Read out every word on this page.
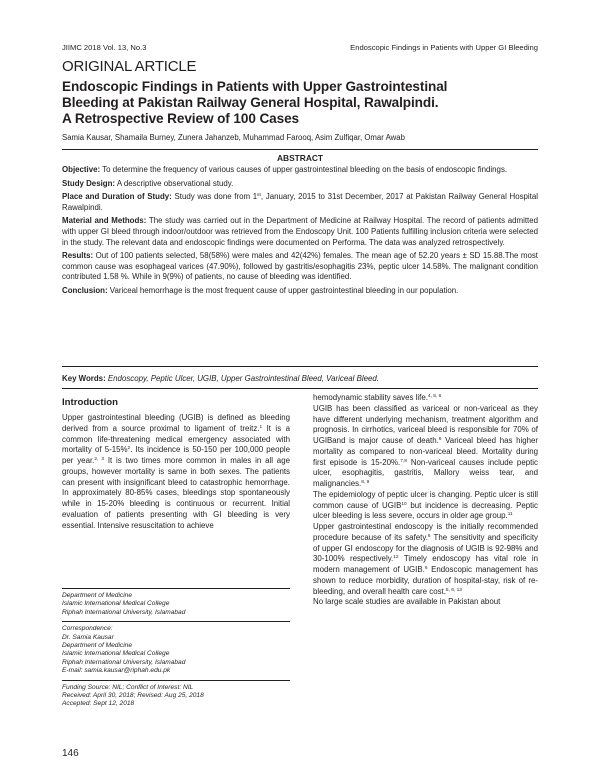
JIIMC 2018 Vol. 13, No.3	Endoscopic Findings in Patients with Upper GI Bleeding
ORIGINAL ARTICLE
Endoscopic Findings in Patients with Upper Gastrointestinal
Bleeding at Pakistan Railway General Hospital, Rawalpindi.
A Retrospective Review of 100 Cases
Samia Kausar, Shamaila Burney, Zunera Jahanzeb, Muhammad Farooq, Asim Zulfiqar, Omar Awab
ABSTRACT

Objective: To determine the frequency of various causes of upper gastrointestinal bleeding on the basis of endoscopic findings.

Study Design: A descriptive observational study.

Place and Duration of Study: Study was done from 1st, January, 2015 to 31st December, 2017 at Pakistan Railway General Hospital Rawalpindi.

Material and Methods: The study was carried out in the Department of Medicine at Railway Hospital. The record of patients admitted with upper GI bleed through indoor/outdoor was retrieved from the Endoscopy Unit. 100 Patients fulfilling inclusion criteria were selected in the study. The relevant data and endoscopic findings were documented on Performa. The data was analyzed retrospectively.

Results: Out of 100 patients selected, 58(58%) were males and 42(42%) females. The mean age of 52.20 years ± SD 15.88.The most common cause was esophageal varices (47.90%), followed by gastritis/esophagitis 23%, peptic ulcer 14.58%. The malignant condition contributed 1.58 %. While in 9(9%) of patients, no cause of bleeding was identified.

Conclusion: Variceal hemorrhage is the most frequent cause of upper gastrointestinal bleeding in our population.

Key Words: Endoscopy, Peptic Ulcer, UGIB, Upper Gastrointestinal Bleed, Variceal Bleed.
Introduction

Upper gastrointestinal bleeding (UGIB) is defined as bleeding derived from a source proximal to ligament of treitz.$^1$ It is a common life-threatening medical emergency associated with mortality of 5-15%$^2$. Its incidence is 50-150 per 100,000 people per year.$^{2, 3}$ It is two times more common in males in all age groups, however mortality is same in both sexes. The patients can present with insignificant bleed to catastrophic hemorrhage. In approximately 80-85% cases, bleedings stop spontaneously while in 15-20% bleeding is continuous or recurrent. Initial evaluation of patients presenting with GI bleeding is very essential. Intensive resuscitation to achieve

Department of Medicine
Islamic International Medical College
Riphah International University, Islamabad
Correspondence:
Dr. Samia Kausar
Department of Medicine
Islamic International Medical College
Riphah International University, Islamabad
E-mail: samia.kausar@riphah.edu.pk
Funding Source: NIL; Conflict of Interest: NIL
Received: April 30, 2018; Revised: Aug 25, 2018
Accepted: Sept 12, 2018
146

hemodynamic stability saves life.$^{4, 5, 6}$

UGIB has been classified as variceal or non-variceal as they have different underlying mechanism, treatment algorithm and prognosis. In cirrhotics, variceal bleed is responsible for 70% of UGIBand is major cause of death.$^6$ Variceal bleed has higher mortality as compared to non-variceal bleed. Mortality during first episode is 15-20%.$^{7,8}$ Non-variceal causes include peptic ulcer, esophagitis, gastritis, Mallory weiss tear, and malignancies.$^{8, 9}$

The epidemiology of peptic ulcer is changing. Peptic ulcer is still common cause of UGIB$^{10}$ but incidence is decreasing. Peptic ulcer bleeding is less severe, occurs in older age group.$^{11}$

Upper gastrointestinal endoscopy is the initially recommended procedure because of its safety.$^6$ The sensitivity and specificity of upper GI endoscopy for the diagnosis of UGIB is 92-98% and 30-100% respectively.$^{12}$ Timely endoscopy has vital role in modern management of UGIB.$^6$ Endoscopic management has shown to reduce morbidity, duration of hospital-stay, risk of re-bleeding, and overall health care cost.$^{5, 6, 13}$

No large scale studies are available in Pakistan about
